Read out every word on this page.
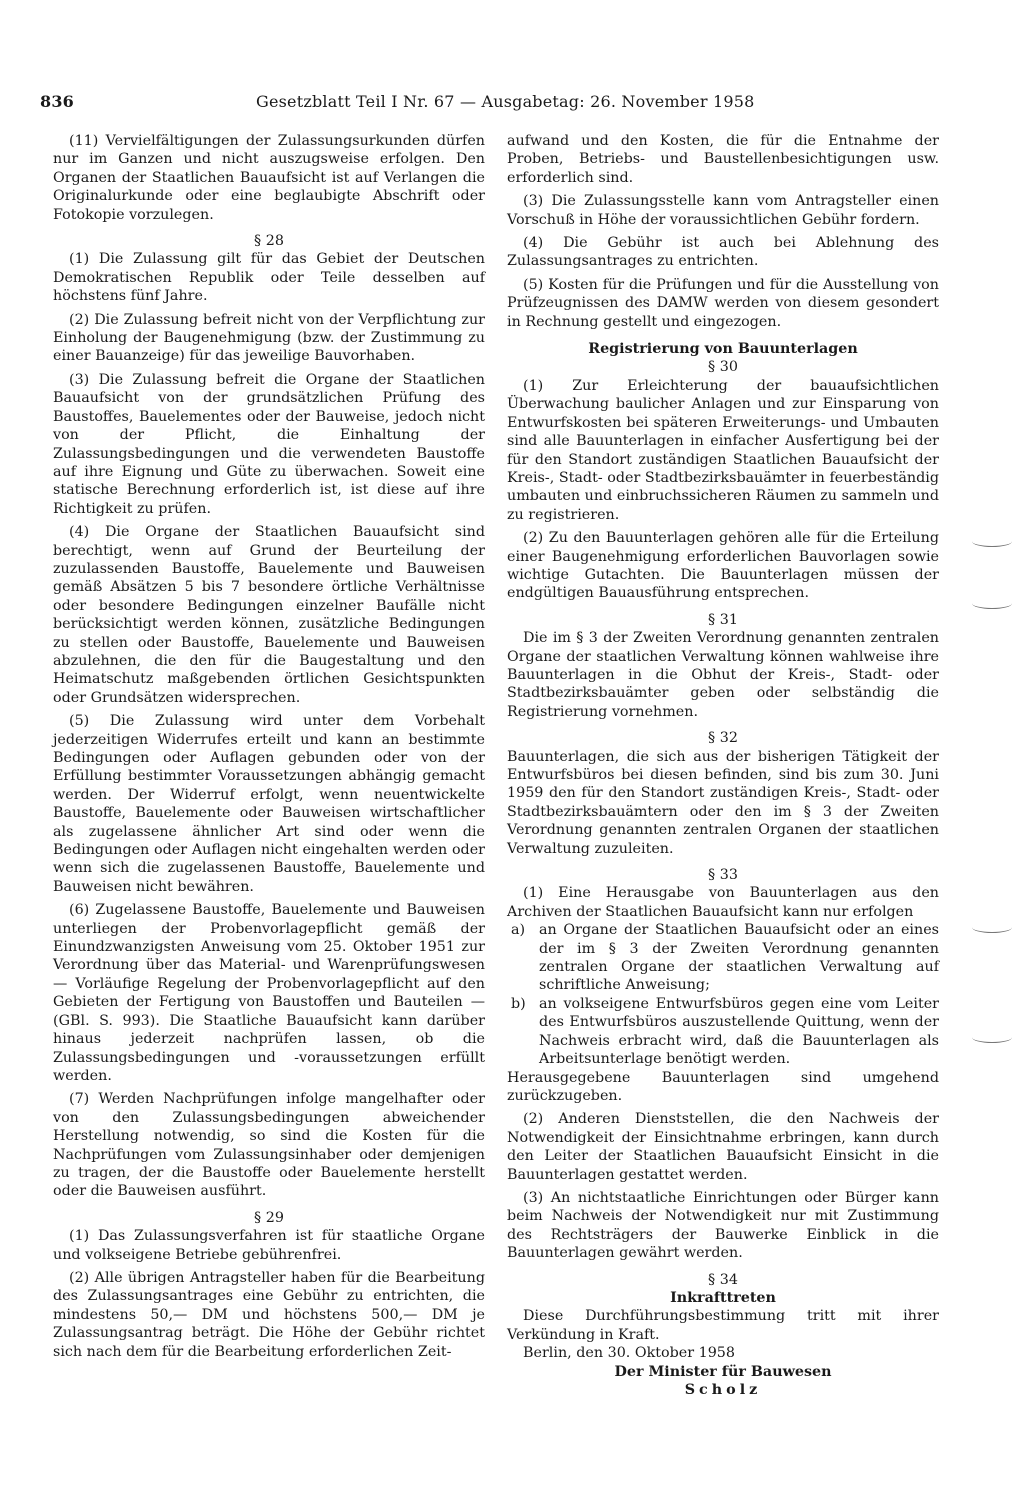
836	Gesetzblatt Teil I Nr. 67 — Ausgabetag: 26. November 1958

(11) Vervielfältigungen der Zulassungsurkunden dürfen nur im Ganzen und nicht auszugsweise erfolgen. Den Organen der Staatlichen Bauaufsicht ist auf Verlangen die Originalurkunde oder eine beglaubigte Abschrift oder Fotokopie vorzulegen.

§ 28

(1) Die Zulassung gilt für das Gebiet der Deutschen Demokratischen Republik oder Teile desselben auf höchstens fünf Jahre.

(2) Die Zulassung befreit nicht von der Verpflichtung zur Einholung der Baugenehmigung (bzw. der Zustimmung zu einer Bauanzeige) für das jeweilige Bauvorhaben.

(3) Die Zulassung befreit die Organe der Staatlichen Bauaufsicht von der grundsätzlichen Prüfung des Baustoffes, Bauelementes oder der Bauweise, jedoch nicht von der Pflicht, die Einhaltung der Zulassungsbedingungen und die verwendeten Baustoffe auf ihre Eignung und Güte zu überwachen. Soweit eine statische Berechnung erforderlich ist, ist diese auf ihre Richtigkeit zu prüfen.

(4) Die Organe der Staatlichen Bauaufsicht sind berechtigt, wenn auf Grund der Beurteilung der zuzulassenden Baustoffe, Bauelemente und Bauweisen gemäß Absätzen 5 bis 7 besondere örtliche Verhältnisse oder besondere Bedingungen einzelner Baufälle nicht berücksichtigt werden können, zusätzliche Bedingungen zu stellen oder Baustoffe, Bauelemente und Bauweisen abzulehnen, die den für die Baugestaltung und den Heimatschutz maßgebenden örtlichen Gesichtspunkten oder Grundsätzen widersprechen.

(5) Die Zulassung wird unter dem Vorbehalt jederzeitigen Widerrufes erteilt und kann an bestimmte Bedingungen oder Auflagen gebunden oder von der Erfüllung bestimmter Voraussetzungen abhängig gemacht werden. Der Widerruf erfolgt, wenn neuentwickelte Baustoffe, Bauelemente oder Bauweisen wirtschaftlicher als zugelassene ähnlicher Art sind oder wenn die Bedingungen oder Auflagen nicht eingehalten werden oder wenn sich die zugelassenen Baustoffe, Bauelemente und Bauweisen nicht bewähren.

(6) Zugelassene Baustoffe, Bauelemente und Bauweisen unterliegen der Probenvorlagepflicht gemäß der Einundzwanzigsten Anweisung vom 25. Oktober 1951 zur Verordnung über das Material- und Warenprüfungswesen — Vorläufige Regelung der Probenvorlagepflicht auf den Gebieten der Fertigung von Baustoffen und Bauteilen — (GBl. S. 993). Die Staatliche Bauaufsicht kann darüber hinaus jederzeit nachprüfen lassen, ob die Zulassungsbedingungen und -voraussetzungen erfüllt werden.

(7) Werden Nachprüfungen infolge mangelhafter oder von den Zulassungsbedingungen abweichender Herstellung notwendig, so sind die Kosten für die Nachprüfungen vom Zulassungsinhaber oder demjenigen zu tragen, der die Baustoffe oder Bauelemente herstellt oder die Bauweisen ausführt.

§ 29

(1) Das Zulassungsverfahren ist für staatliche Organe und volkseigene Betriebe gebührenfrei.

(2) Alle übrigen Antragsteller haben für die Bearbeitung des Zulassungsantrages eine Gebühr zu entrichten, die mindestens 50,— DM und höchstens 500,— DM je Zulassungsantrag beträgt. Die Höhe der Gebühr richtet sich nach dem für die Bearbeitung erforderlichen Zeit-

aufwand und den Kosten, die für die Entnahme der Proben, Betriebs- und Baustellenbesichtigungen usw. erforderlich sind.

(3) Die Zulassungsstelle kann vom Antragsteller einen Vorschuß in Höhe der voraussichtlichen Gebühr fordern.

(4) Die Gebühr ist auch bei Ablehnung des Zulassungsantrages zu entrichten.

(5) Kosten für die Prüfungen und für die Ausstellung von Prüfzeugnissen des DAMW werden von diesem gesondert in Rechnung gestellt und eingezogen.

Registrierung von Bauunterlagen

§ 30

(1) Zur Erleichterung der bauaufsichtlichen Überwachung baulicher Anlagen und zur Einsparung von Entwurfskosten bei späteren Erweiterungs- und Umbauten sind alle Bauunterlagen in einfacher Ausfertigung bei der für den Standort zuständigen Staatlichen Bauaufsicht der Kreis-, Stadt- oder Stadtbezirksbauämter in feuerbeständig umbauten und einbruchssicheren Räumen zu sammeln und zu registrieren.

(2) Zu den Bauunterlagen gehören alle für die Erteilung einer Baugenehmigung erforderlichen Bauvorlagen sowie wichtige Gutachten. Die Bauunterlagen müssen der endgültigen Bauausführung entsprechen.

§ 31

Die im § 3 der Zweiten Verordnung genannten zentralen Organe der staatlichen Verwaltung können wahlweise ihre Bauunterlagen in die Obhut der Kreis-, Stadt- oder Stadtbezirksbauämter geben oder selbständig die Registrierung vornehmen.

§ 32

Bauunterlagen, die sich aus der bisherigen Tätigkeit der Entwurfsbüros bei diesen befinden, sind bis zum 30. Juni 1959 den für den Standort zuständigen Kreis-, Stadt- oder Stadtbezirksbauämtern oder den im § 3 der Zweiten Verordnung genannten zentralen Organen der staatlichen Verwaltung zuzuleiten.

§ 33

(1) Eine Herausgabe von Bauunterlagen aus den Archiven der Staatlichen Bauaufsicht kann nur erfolgen

a) an Organe der Staatlichen Bauaufsicht oder an eines der im § 3 der Zweiten Verordnung genannten zentralen Organe der staatlichen Verwaltung auf schriftliche Anweisung;
b) an volkseigene Entwurfsbüros gegen eine vom Leiter des Entwurfsbüros auszustellende Quittung, wenn der Nachweis erbracht wird, daß die Bauunterlagen als Arbeitsunterlage benötigt werden.

Herausgegebene Bauunterlagen sind umgehend zurückzugeben.

(2) Anderen Dienststellen, die den Nachweis der Notwendigkeit der Einsichtnahme erbringen, kann durch den Leiter der Staatlichen Bauaufsicht Einsicht in die Bauunterlagen gestattet werden.

(3) An nichtstaatliche Einrichtungen oder Bürger kann beim Nachweis der Notwendigkeit nur mit Zustimmung des Rechtsträgers der Bauwerke Einblick in die Bauunterlagen gewährt werden.

§ 34

Inkrafttreten

Diese Durchführungsbestimmung tritt mit ihrer Verkündung in Kraft.

Berlin, den 30. Oktober 1958

Der Minister für Bauwesen

Scholz
